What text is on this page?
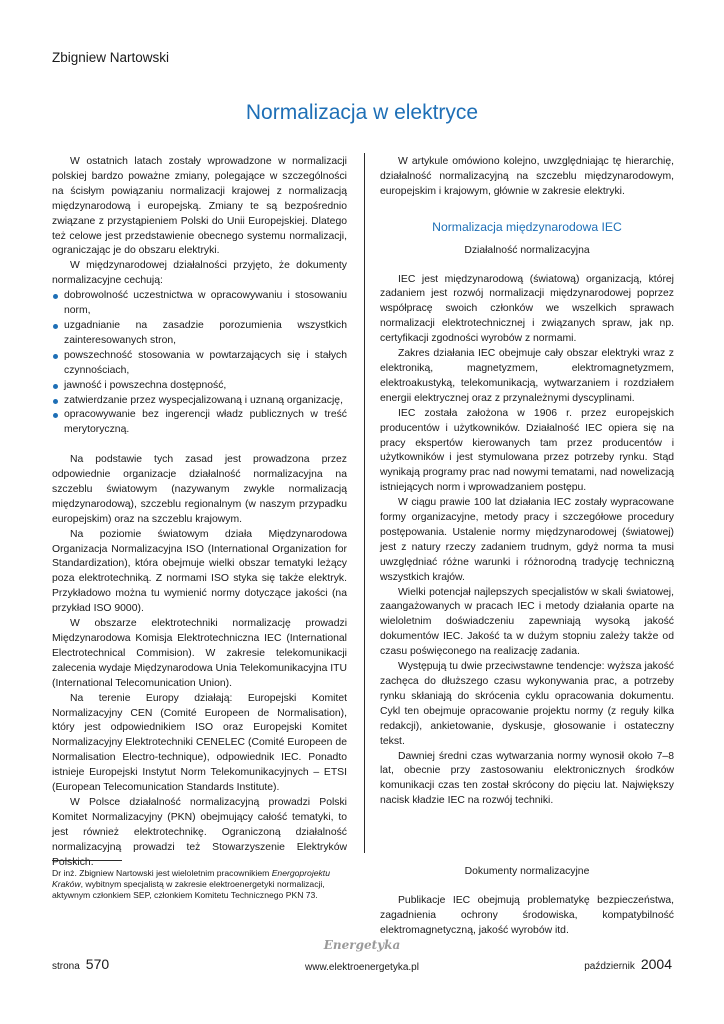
Zbigniew Nartowski
Normalizacja w elektryce

W ostatnich latach zostały wprowadzone w normalizacji polskiej bardzo poważne zmiany, polegające w szczególności na ścisłym powiązaniu normalizacji krajowej z normalizacją międzynarodową i europejską. Zmiany te są bezpośrednio związane z przystąpieniem Polski do Unii Europejskiej. Dlatego też celowe jest przedstawienie obecnego systemu normalizacji, ograniczając je do obszaru elektryki.

W międzynarodowej działalności przyjęto, że dokumenty normalizacyjne cechują:

dobrowolność uczestnictwa w opracowywaniu i stosowaniu norm,
uzgadnianie na zasadzie porozumienia wszystkich zainteresowanych stron,
powszechność stosowania w powtarzających się i stałych czynnościach,
jawność i powszechna dostępność,
zatwierdzanie przez wyspecjalizowaną i uznaną organizację,
opracowywanie bez ingerencji władz publicznych w treść merytoryczną.

Na podstawie tych zasad jest prowadzona przez odpowiednie organizacje działalność normalizacyjna na szczeblu światowym (nazywanym zwykle normalizacją międzynarodową), szczeblu regionalnym (w naszym przypadku europejskim) oraz na szczeblu krajowym.

Na poziomie światowym działa Międzynarodowa Organizacja Normalizacyjna ISO (International Organization for Standardization), która obejmuje wielki obszar tematyki leżący poza elektrotechniką. Z normami ISO styka się także elektryk. Przykładowo można tu wymienić normy dotyczące jakości (na przykład ISO 9000).

W obszarze elektrotechniki normalizację prowadzi Międzynarodowa Komisja Elektrotechniczna IEC (International Electrotechnical Commision). W zakresie telekomunikacji zalecenia wydaje Międzynarodowa Unia Telekomunikacyjna ITU (International Telecomunication Union).

Na terenie Europy działają: Europejski Komitet Normalizacyjny CEN (Comité Europeen de Normalisation), który jest odpowiednikiem ISO oraz Europejski Komitet Normalizacyjny Elektrotechniki CENELEC (Comité Europeen de Normalisation Electro-technique), odpowiednik IEC. Ponadto istnieje Europejski Instytut Norm Telekomunikacyjnych – ETSI (European Telecomunication Standards Institute).

W Polsce działalność normalizacyjną prowadzi Polski Komitet Normalizacyjny (PKN) obejmujący całość tematyki, to jest również elektrotechnikę. Ograniczoną działalność normalizacyjną prowadzi też Stowarzyszenie Elektryków Polskich.

W artykule omówiono kolejno, uwzględniając tę hierarchię, działalność normalizacyjną na szczeblu międzynarodowym, europejskim i krajowym, głównie w zakresie elektryki.

Normalizacja międzynarodowa IEC
Działalność normalizacyjna

IEC jest międzynarodową (światową) organizacją, której zadaniem jest rozwój normalizacji międzynarodowej poprzez współpracę swoich członków we wszelkich sprawach normalizacji elektrotechnicznej i związanych spraw, jak np. certyfikacji zgodności wyrobów z normami.

Zakres działania IEC obejmuje cały obszar elektryki wraz z elektroniką, magnetyzmem, elektromagnetyzmem, elektroakustyką, telekomunikacją, wytwarzaniem i rozdziałem energii elektrycznej oraz z przynależnymi dyscyplinami.

IEC została założona w 1906 r. przez europejskich producentów i użytkowników. Działalność IEC opiera się na pracy ekspertów kierowanych tam przez producentów i użytkowników i jest stymulowana przez potrzeby rynku. Stąd wynikają programy prac nad nowymi tematami, nad nowelizacją istniejących norm i wprowadzaniem postępu.

W ciągu prawie 100 lat działania IEC zostały wypracowane formy organizacyjne, metody pracy i szczegółowe procedury postępowania. Ustalenie normy międzynarodowej (światowej) jest z natury rzeczy zadaniem trudnym, gdyż norma ta musi uwzględniać różne warunki i różnorodną tradycję techniczną wszystkich krajów.

Wielki potencjał najlepszych specjalistów w skali światowej, zaangażowanych w pracach IEC i metody działania oparte na wieloletnim doświadczeniu zapewniają wysoką jakość dokumentów IEC. Jakość ta w dużym stopniu zależy także od czasu poświęconego na realizację zadania.

Występują tu dwie przeciwstawne tendencje: wyższa jakość zachęca do dłuższego czasu wykonywania prac, a potrzeby rynku skłaniają do skrócenia cyklu opracowania dokumentu. Cykl ten obejmuje opracowanie projektu normy (z reguły kilka redakcji), ankietowanie, dyskusje, głosowanie i ostateczny tekst.

Dawniej średni czas wytwarzania normy wynosił około 7–8 lat, obecnie przy zastosowaniu elektronicznych środków komunikacji czas ten został skrócony do pięciu lat. Największy nacisk kładzie IEC na rozwój techniki.

Dokumenty normalizacyjne

Publikacje IEC obejmują problematykę bezpieczeństwa, zagadnienia ochrony środowiska, kompatybilność elektromagnetyczną, jakość wyrobów itd.

Dr inż. Zbigniew Nartowski jest wieloletnim pracownikiem Energoprojektu Kraków, wybitnym specjalistą w zakresie elektroenergetyki normalizacji, aktywnym członkiem SEP, członkiem Komitetu Technicznego PKN 73.
Energetyka
strona 570	www.elektroenergetyka.pl	październik 2004
